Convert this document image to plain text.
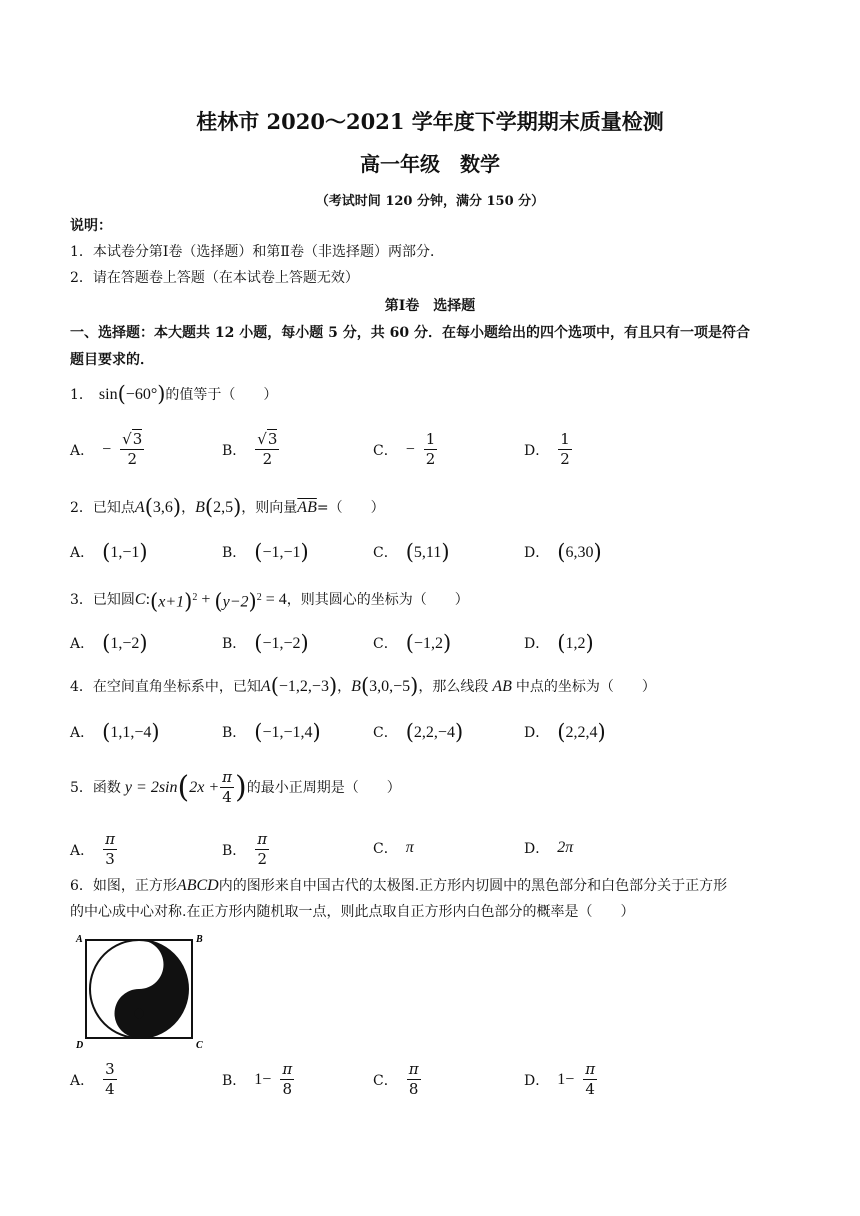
桂林市 2020～2021 学年度下学期期末质量检测
高一年级　数学
（考试时间 120 分钟，满分 150 分）
说明：
1．本试卷分第Ⅰ卷（选择题）和第Ⅱ卷（非选择题）两部分．
2．请在答题卷上答题（在本试卷上答题无效）
第Ⅰ卷　选择题
一、选择题：本大题共 12 小题，每小题 5 分，共 60 分．在每小题给出的四个选项中，有且只有一项是符合
题目要求的．
1． sin (−60°) 的值等于（　　）
A． − $\frac{√3}{2}$	B． $\frac{√3}{2}$	C． − $\frac{1}{2}$	D． $\frac{1}{2}$
2． 已知点 A (3,6) ， B (2,5) ，则向量 $\overline{AB}$ =（　　）
A． (1,−1)	B． (−1,−1)	C． (5,11)	D． (6,30)
3． 已知圆 C : $(x+1)^2 + (y-2)^2 = 4$ ，则其圆心的坐标为（　　）
A． (1,−2)	B． (−1,−2)	C． (−1,2)	D． (1,2)
4． 在空间直角坐标系中，已知 A (−1,2,−3) ， B (3,0,−5) ，那么线段 AB 中点的坐标为（　　）
A． (1,1,−4)	B． (−1,−1,4)	C． (2,2,−4)	D． (2,2,4)
5． 函数 y = 2sin ( $2x + \frac{\pi}{4}$ ) 的最小正周期是（　　）
A． $\frac{\pi}{3}$	B． $\frac{\pi}{2}$	C． π	D． 2π
6．如图，正方形ABCD内的图形来自中国古代的太极图.正方形内切圆中的黑色部分和白色部分关于正方形
的中心成中心对称.在正方形内随机取一点，则此点取自正方形内白色部分的概率是（　　）
A	B
C
D
A． $\frac{3}{4}$	B． $1- \frac{\pi}{8}$	C． $\frac{\pi}{8}$	D． $1- \frac{\pi}{4}$
